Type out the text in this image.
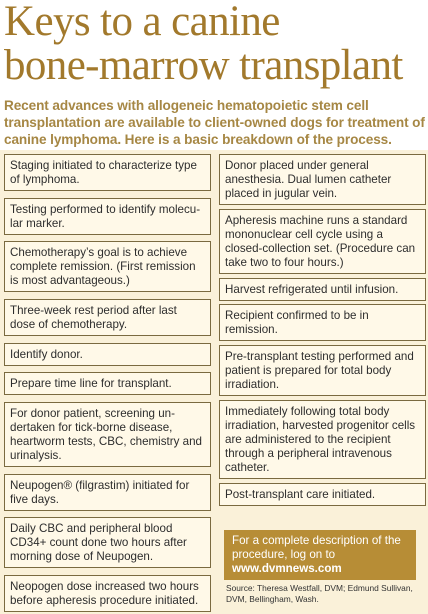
Keys to a canine
bone-marrow transplant
Recent advances with allogeneic hematopoietic stem cell transplantation are available to client-owned dogs for treatment of canine lymphoma. Here is a basic breakdown of the process.
Staging initiated to characterize type of lymphoma.
Testing performed to identify molecular marker.
Chemotherapy’s goal is to achieve complete remission. (First remission is most advantageous.)
Three-week rest period after last dose of chemotherapy.
Identify donor.
Prepare time line for transplant.
For donor patient, screening undertaken for tick-borne disease, heartworm tests, CBC, chemistry and urinalysis.
Neupogen® (filgrastim) initiated for five days.
Daily CBC and peripheral blood CD34+ count done two hours after morning dose of Neupogen.
Neopogen dose increased two hours before apheresis procedure initiated.
Donor placed under general anesthesia. Dual lumen catheter placed in jugular vein.
Apheresis machine runs a standard mononuclear cell cycle using a closed-collection set. (Procedure can take two to four hours.)
Harvest refrigerated until infusion.
Recipient confirmed to be in remission.
Pre-transplant testing performed and patient is prepared for total body irradiation.
Immediately following total body irradiation, harvested progenitor cells are administered to the recipient through a peripheral intravenous catheter.
Post-transplant care initiated.
For a complete description of the procedure, log on to
www.dvmnews.com
Source: Theresa Westfall, DVM; Edmund Sullivan, DVM, Bellingham, Wash.
